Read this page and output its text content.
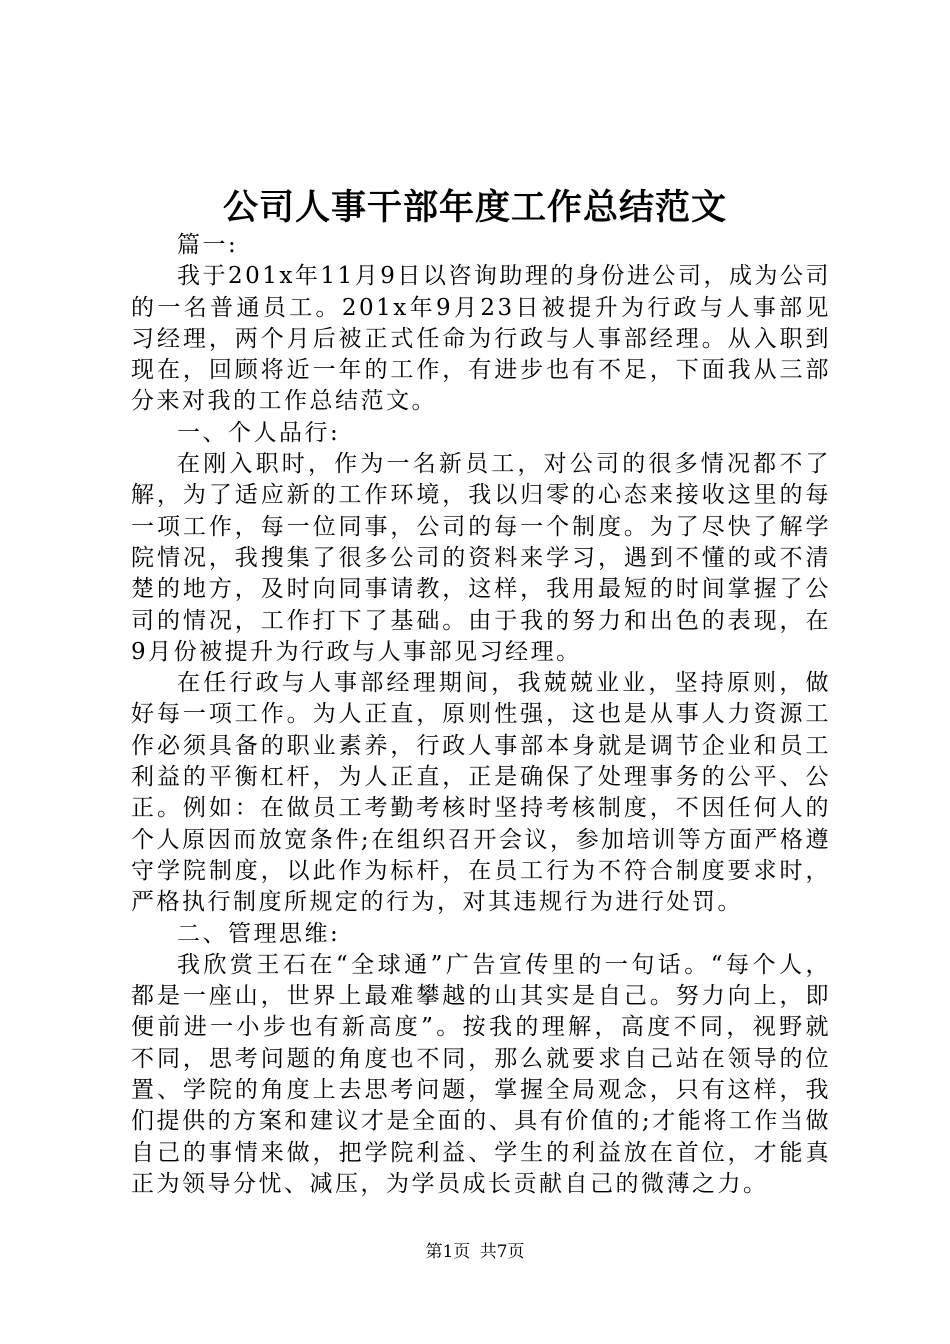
公司人事干部年度工作总结范文

篇一:

我于201x年11月9日以咨询助理的身份进公司，成为公司的一名普通员工。201x年9月23日被提升为行政与人事部见习经理，两个月后被正式任命为行政与人事部经理。从入职到现在，回顾将近一年的工作，有进步也有不足，下面我从三部分来对我的工作总结范文。

一、个人品行:

在刚入职时，作为一名新员工，对公司的很多情况都不了解，为了适应新的工作环境，我以归零的心态来接收这里的每一项工作，每一位同事，公司的每一个制度。为了尽快了解学院情况，我搜集了很多公司的资料来学习，遇到不懂的或不清楚的地方，及时向同事请教，这样，我用最短的时间掌握了公司的情况，工作打下了基础。由于我的努力和出色的表现，在9月份被提升为行政与人事部见习经理。

在任行政与人事部经理期间，我兢兢业业，坚持原则，做好每一项工作。为人正直，原则性强，这也是从事人力资源工作必须具备的职业素养，行政人事部本身就是调节企业和员工利益的平衡杠杆，为人正直，正是确保了处理事务的公平、公正。例如：在做员工考勤考核时坚持考核制度，不因任何人的个人原因而放宽条件;在组织召开会议，参加培训等方面严格遵守学院制度，以此作为标杆，在员工行为不符合制度要求时，严格执行制度所规定的行为，对其违规行为进行处罚。

二、管理思维:

我欣赏王石在“全球通”广告宣传里的一句话。“每个人，都是一座山，世界上最难攀越的山其实是自己。努力向上，即便前进一小步也有新高度”。按我的理解，高度不同，视野就不同，思考问题的角度也不同，那么就要求自己站在领导的位置、学院的角度上去思考问题，掌握全局观念，只有这样，我们提供的方案和建议才是全面的、具有价值的;才能将工作当做自己的事情来做，把学院利益、学生的利益放在首位，才能真正为领导分忧、减压，为学员成长贡献自己的微薄之力。

第1页 共7页
